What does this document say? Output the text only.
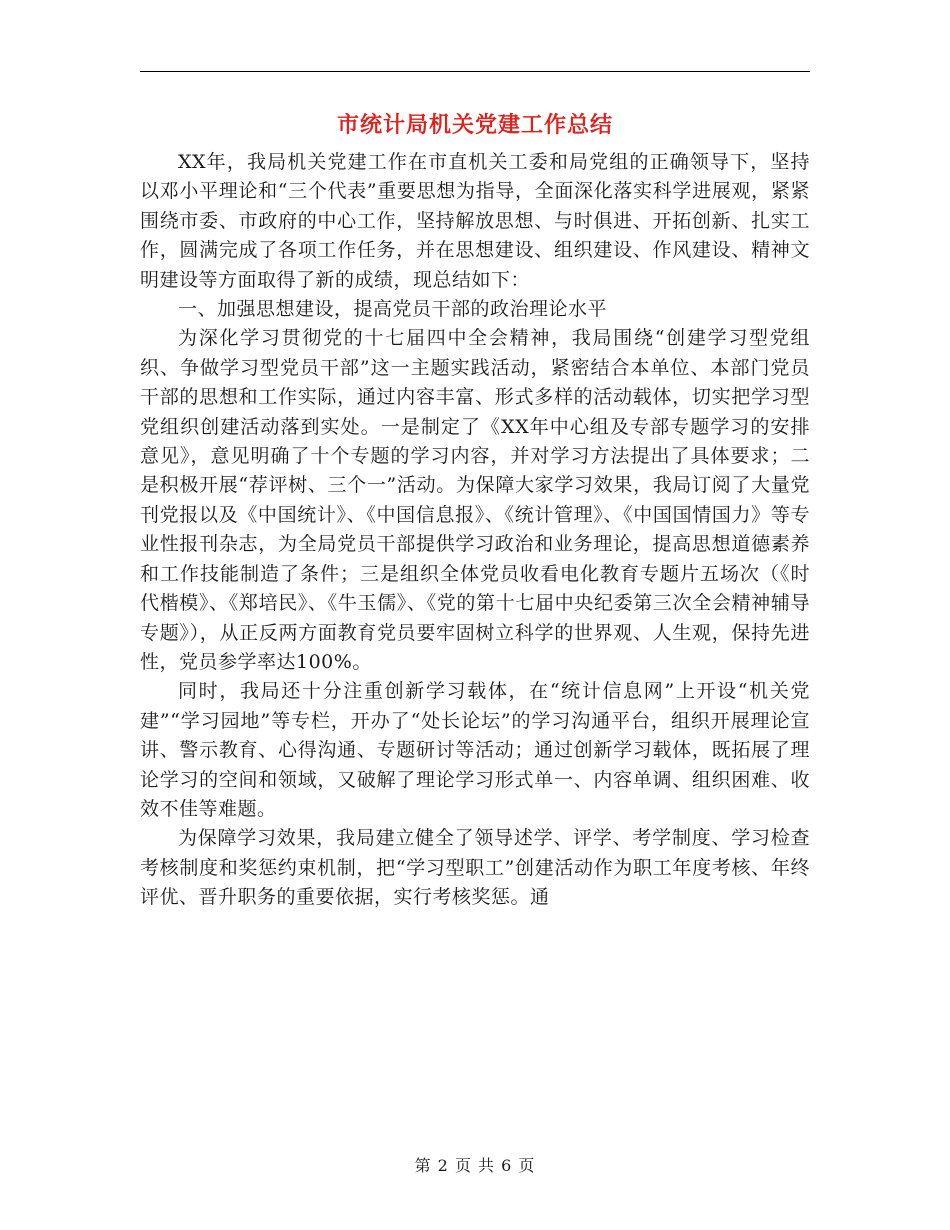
市统计局机关党建工作总结

XX年，我局机关党建工作在市直机关工委和局党组的正确领导下，坚持以邓小平理论和“三个代表”重要思想为指导，全面深化落实科学进展观，紧紧围绕市委、市政府的中心工作，坚持解放思想、与时俱进、开拓创新、扎实工作，圆满完成了各项工作任务，并在思想建设、组织建设、作风建设、精神文明建设等方面取得了新的成绩，现总结如下：

一、加强思想建设，提高党员干部的政治理论水平

为深化学习贯彻党的十七届四中全会精神，我局围绕“创建学习型党组织、争做学习型党员干部”这一主题实践活动，紧密结合本单位、本部门党员干部的思想和工作实际，通过内容丰富、形式多样的活动载体，切实把学习型党组织创建活动落到实处。一是制定了《XX年中心组及专部专题学习的安排意见》，意见明确了十个专题的学习内容，并对学习方法提出了具体要求；二是积极开展“荐评树、三个一”活动。为保障大家学习效果，我局订阅了大量党刊党报以及《中国统计》、《中国信息报》、《统计管理》、《中国国情国力》等专业性报刊杂志，为全局党员干部提供学习政治和业务理论，提高思想道德素养和工作技能制造了条件；三是组织全体党员收看电化教育专题片五场次（《时代楷模》、《郑培民》、《牛玉儒》、《党的第十七届中央纪委第三次全会精神辅导专题》），从正反两方面教育党员要牢固树立科学的世界观、人生观，保持先进性，党员参学率达100%。

同时，我局还十分注重创新学习载体，在“统计信息网”上开设“机关党建”“学习园地”等专栏，开办了“处长论坛”的学习沟通平台，组织开展理论宣讲、警示教育、心得沟通、专题研讨等活动；通过创新学习载体，既拓展了理论学习的空间和领域，又破解了理论学习形式单一、内容单调、组织困难、收效不佳等难题。

为保障学习效果，我局建立健全了领导述学、评学、考学制度、学习检查考核制度和奖惩约束机制，把“学习型职工”创建活动作为职工年度考核、年终评优、晋升职务的重要依据，实行考核奖惩。通

第 2 页 共 6 页
